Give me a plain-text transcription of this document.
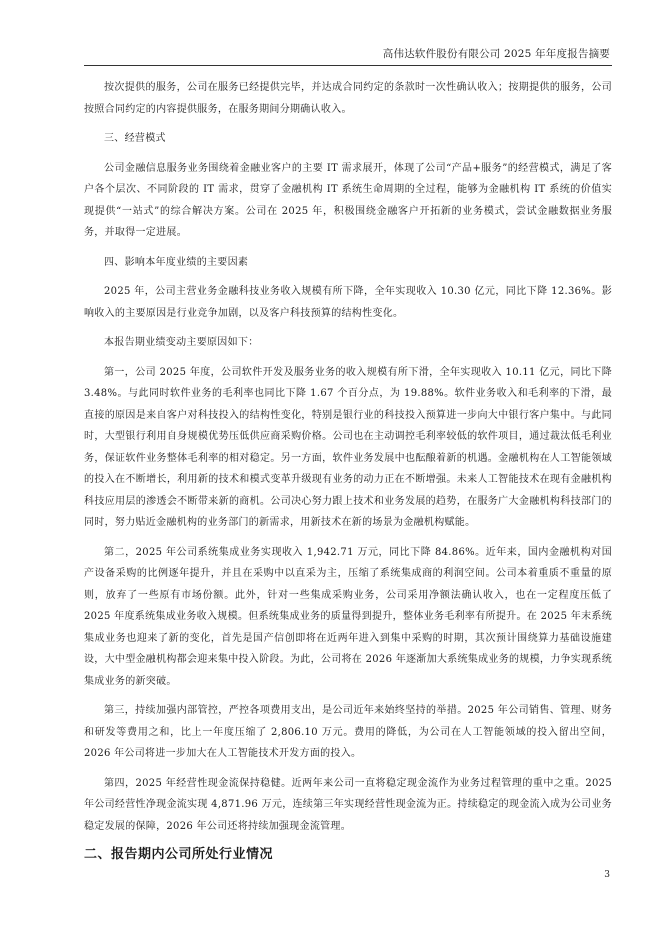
高伟达软件股份有限公司 2025 年年度报告摘要

按次提供的服务，公司在服务已经提供完毕，并达成合同约定的条款时一次性确认收入；按期提供的服务，公司按照合同约定的内容提供服务，在服务期间分期确认收入。

三、经营模式

公司金融信息服务业务围绕着金融业客户的主要 IT 需求展开，体现了公司“产品+服务”的经营模式，满足了客户各个层次、不同阶段的 IT 需求，贯穿了金融机构 IT 系统生命周期的全过程，能够为金融机构 IT 系统的价值实现提供“一站式”的综合解决方案。公司在 2025 年，积极围绕金融客户开拓新的业务模式，尝试金融数据业务服务，并取得一定进展。

四、影响本年度业绩的主要因素

2025 年，公司主营业务金融科技业务收入规模有所下降，全年实现收入 10.30 亿元，同比下降 12.36%。影响收入的主要原因是行业竞争加剧，以及客户科技预算的结构性变化。

本报告期业绩变动主要原因如下：

第一，公司 2025 年度，公司软件开发及服务业务的收入规模有所下滑，全年实现收入 10.11 亿元，同比下降 3.48%。与此同时软件业务的毛利率也同比下降 1.67 个百分点，为 19.88%。软件业务收入和毛利率的下滑，最直接的原因是来自客户对科技投入的结构性变化，特别是银行业的科技投入预算进一步向大中银行客户集中。与此同时，大型银行利用自身规模优势压低供应商采购价格。公司也在主动调控毛利率较低的软件项目，通过裁汰低毛利业务，保证软件业务整体毛利率的相对稳定。另一方面，软件业务发展中也酝酿着新的机遇。金融机构在人工智能领域的投入在不断增长，利用新的技术和模式变革升级现有业务的动力正在不断增强。未来人工智能技术在现有金融机构科技应用层的渗透会不断带来新的商机。公司决心努力跟上技术和业务发展的趋势，在服务广大金融机构科技部门的同时，努力贴近金融机构的业务部门的新需求，用新技术在新的场景为金融机构赋能。

第二，2025 年公司系统集成业务实现收入 1,942.71 万元，同比下降 84.86%。近年来，国内金融机构对国产设备采购的比例逐年提升，并且在采购中以直采为主，压缩了系统集成商的利润空间。公司本着重质不重量的原则，放弃了一些原有市场份额。此外，针对一些集成采购业务，公司采用净额法确认收入，也在一定程度压低了 2025 年度系统集成业务收入规模。但系统集成业务的质量得到提升，整体业务毛利率有所提升。在 2025 年末系统集成业务也迎来了新的变化，首先是国产信创即将在近两年进入到集中采购的时期，其次预计围绕算力基础设施建设，大中型金融机构都会迎来集中投入阶段。为此，公司将在 2026 年逐渐加大系统集成业务的规模，力争实现系统集成业务的新突破。

第三，持续加强内部管控，严控各项费用支出，是公司近年来始终坚持的举措。2025 年公司销售、管理、财务和研发等费用之和，比上一年度压缩了 2,806.10 万元。费用的降低，为公司在人工智能领域的投入留出空间，2026 年公司将进一步加大在人工智能技术开发方面的投入。

第四，2025 年经营性现金流保持稳健。近两年来公司一直将稳定现金流作为业务过程管理的重中之重。2025 年公司经营性净现金流实现 4,871.96 万元，连续第三年实现经营性现金流为正。持续稳定的现金流入成为公司业务稳定发展的保障，2026 年公司还将持续加强现金流管理。

二、报告期内公司所处行业情况
3
